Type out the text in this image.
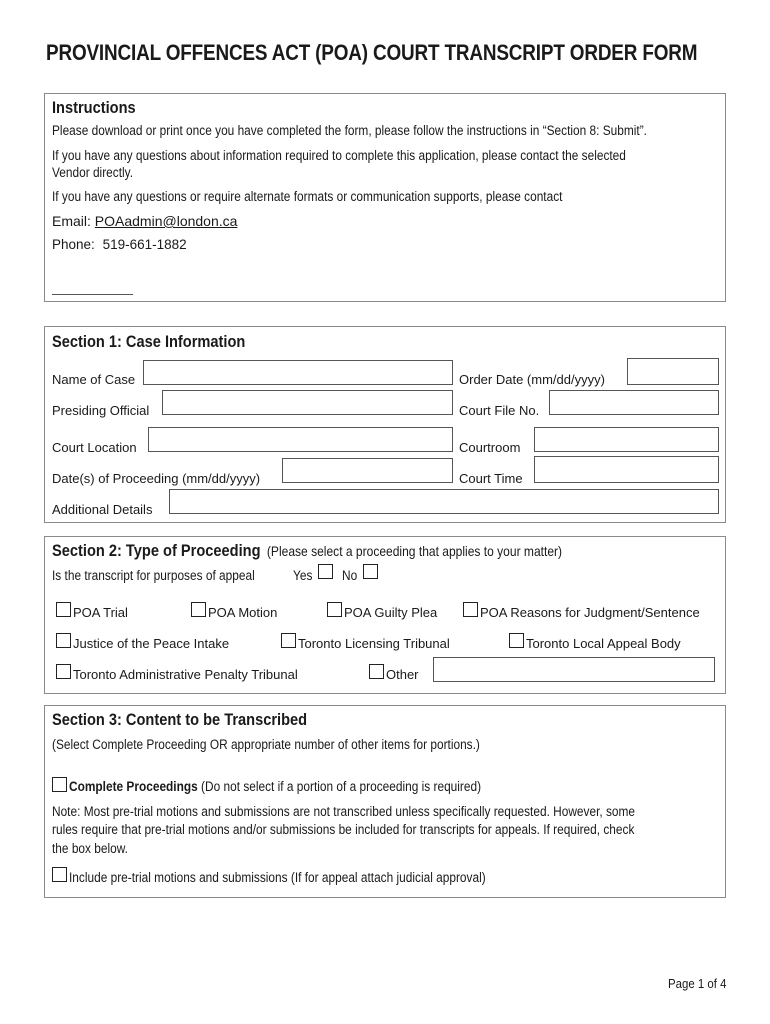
PROVINCIAL OFFENCES ACT (POA) COURT TRANSCRIPT ORDER FORM
Instructions
Please download or print once you have completed the form, please follow the instructions in “Section 8: Submit”.
If you have any questions about information required to complete this application, please contact the selected
Vendor directly.
If you have any questions or require alternate formats or communication supports, please contact
Email: POAadmin@london.ca
Phone: 519-661-1882
Section 1: Case Information
Name of Case	Order Date (mm/dd/yyyy)
Presiding Official	Court File No.
Court Location	Courtroom
Date(s) of Proceeding (mm/dd/yyyy)	Court Time
Additional Details
Section 2: Type of Proceeding (Please select a proceeding that applies to your matter)
Is the transcript for purposes of appeal	Yes No
POA Trial	POA Motion	POA Guilty Plea	POA Reasons for Judgment/Sentence
Justice of the Peace Intake	Toronto Licensing Tribunal	Toronto Local Appeal Body
Toronto Administrative Penalty Tribunal	Other
Section 3: Content to be Transcribed
(Select Complete Proceeding OR appropriate number of other items for portions.)
Complete Proceedings (Do not select if a portion of a proceeding is required)
Note: Most pre-trial motions and submissions are not transcribed unless specifically requested. However, some
rules require that pre-trial motions and/or submissions be included for transcripts for appeals. If required, check
the box below.
Include pre-trial motions and submissions (If for appeal attach judicial approval)
Page 1 of 4
